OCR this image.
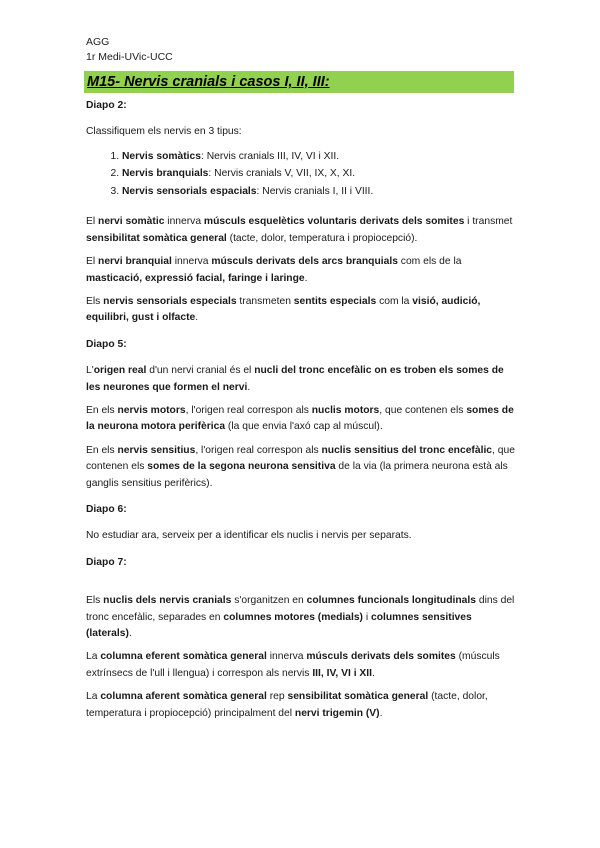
AGG
1r Medi-UVic-UCC
M15- Nervis cranials i casos I, II, III:

Diapo 2:

Classifiquem els nervis en 3 tipus:

1. Nervis somàtics: Nervis cranials III, IV, VI i XII.
2. Nervis branquials: Nervis cranials V, VII, IX, X, XI.
3. Nervis sensorials espacials: Nervis cranials I, II i VIII.

El nervi somàtic innerva músculs esquelètics voluntaris derivats dels somites i transmet sensibilitat somàtica general (tacte, dolor, temperatura i propiocepció).

El nervi branquial innerva músculs derivats dels arcs branquials com els de la masticació, expressió facial, faringe i laringe.

Els nervis sensorials especials transmeten sentits especials com la visió, audició, equilibri, gust i olfacte.

Diapo 5:

L'origen real d'un nervi cranial és el nucli del tronc encefàlic on es troben els somes de les neurones que formen el nervi.

En els nervis motors, l'origen real correspon als nuclis motors, que contenen els somes de la neurona motora perifèrica (la que envia l'axó cap al múscul).

En els nervis sensitius, l'origen real correspon als nuclis sensitius del tronc encefàlic, que contenen els somes de la segona neurona sensitiva de la via (la primera neurona està als ganglis sensitius perifèrics).

Diapo 6:

No estudiar ara, serveix per a identificar els nuclis i nervis per separats.

Diapo 7:

Els nuclis dels nervis cranials s'organitzen en columnes funcionals longitudinals dins del tronc encefàlic, separades en columnes motores (medials) i columnes sensitives (laterals).

La columna eferent somàtica general innerva músculs derivats dels somites (músculs extrínsecs de l'ull i llengua) i correspon als nervis III, IV, VI i XII.

La columna aferent somàtica general rep sensibilitat somàtica general (tacte, dolor, temperatura i propiocepció) principalment del nervi trigemin (V).
